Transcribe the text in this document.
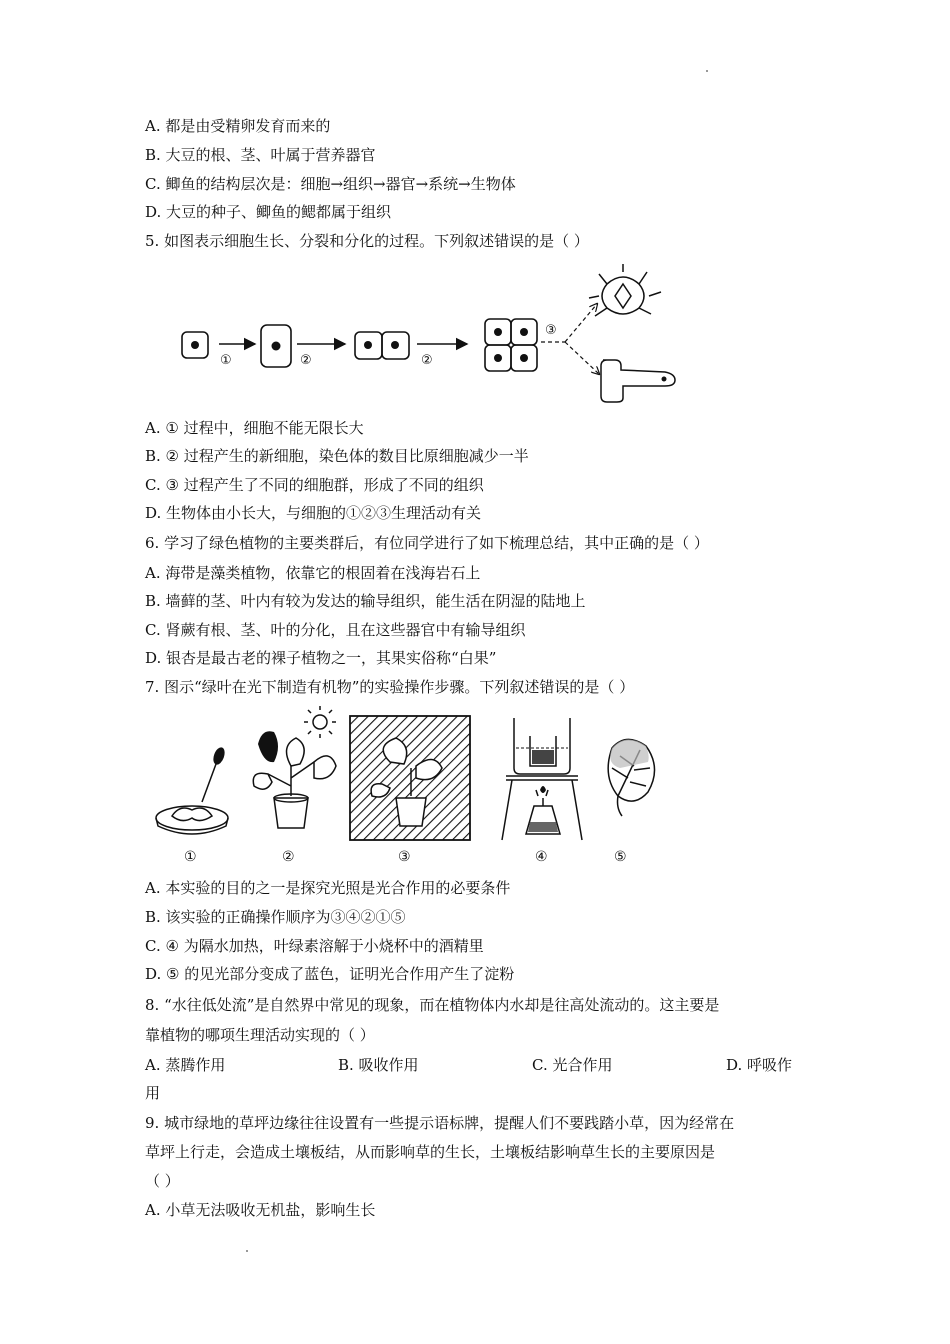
A. 都是由受精卵发育而来的
B. 大豆的根、茎、叶属于营养器官
C. 鲫鱼的结构层次是：细胞→组织→器官→系统→生物体
D. 大豆的种子、鲫鱼的鳃都属于组织
5. 如图表示细胞生长、分裂和分化的过程。下列叙述错误的是（ ）
①	②	②
③
A. ① 过程中，细胞不能无限长大
B. ② 过程产生的新细胞，染色体的数目比原细胞减少一半
C. ③ 过程产生了不同的细胞群，形成了不同的组织
D. 生物体由小长大，与细胞的①②③生理活动有关
6. 学习了绿色植物的主要类群后，有位同学进行了如下梳理总结，其中正确的是（ ）
A. 海带是藻类植物，依靠它的根固着在浅海岩石上
B. 墙藓的茎、叶内有较为发达的输导组织，能生活在阴湿的陆地上
C. 肾蕨有根、茎、叶的分化，且在这些器官中有输导组织
D. 银杏是最古老的裸子植物之一，其果实俗称“白果”
7. 图示“绿叶在光下制造有机物”的实验操作步骤。下列叙述错误的是（ ）
①	②	③	④	⑤
A. 本实验的目的之一是探究光照是光合作用的必要条件
B. 该实验的正确操作顺序为③④②①⑤
C. ④ 为隔水加热，叶绿素溶解于小烧杯中的酒精里
D. ⑤ 的见光部分变成了蓝色，证明光合作用产生了淀粉
8. “水往低处流”是自然界中常见的现象，而在植物体内水却是往高处流动的。这主要是
靠植物的哪项生理活动实现的（ ）
A. 蒸腾作用	B. 吸收作用	C. 光合作用	D. 呼吸作
用
9. 城市绿地的草坪边缘往往设置有一些提示语标牌，提醒人们不要践踏小草，因为经常在
草坪上行走，会造成土壤板结，从而影响草的生长，土壤板结影响草生长的主要原因是
（ ）
A. 小草无法吸收无机盐，影响生长
